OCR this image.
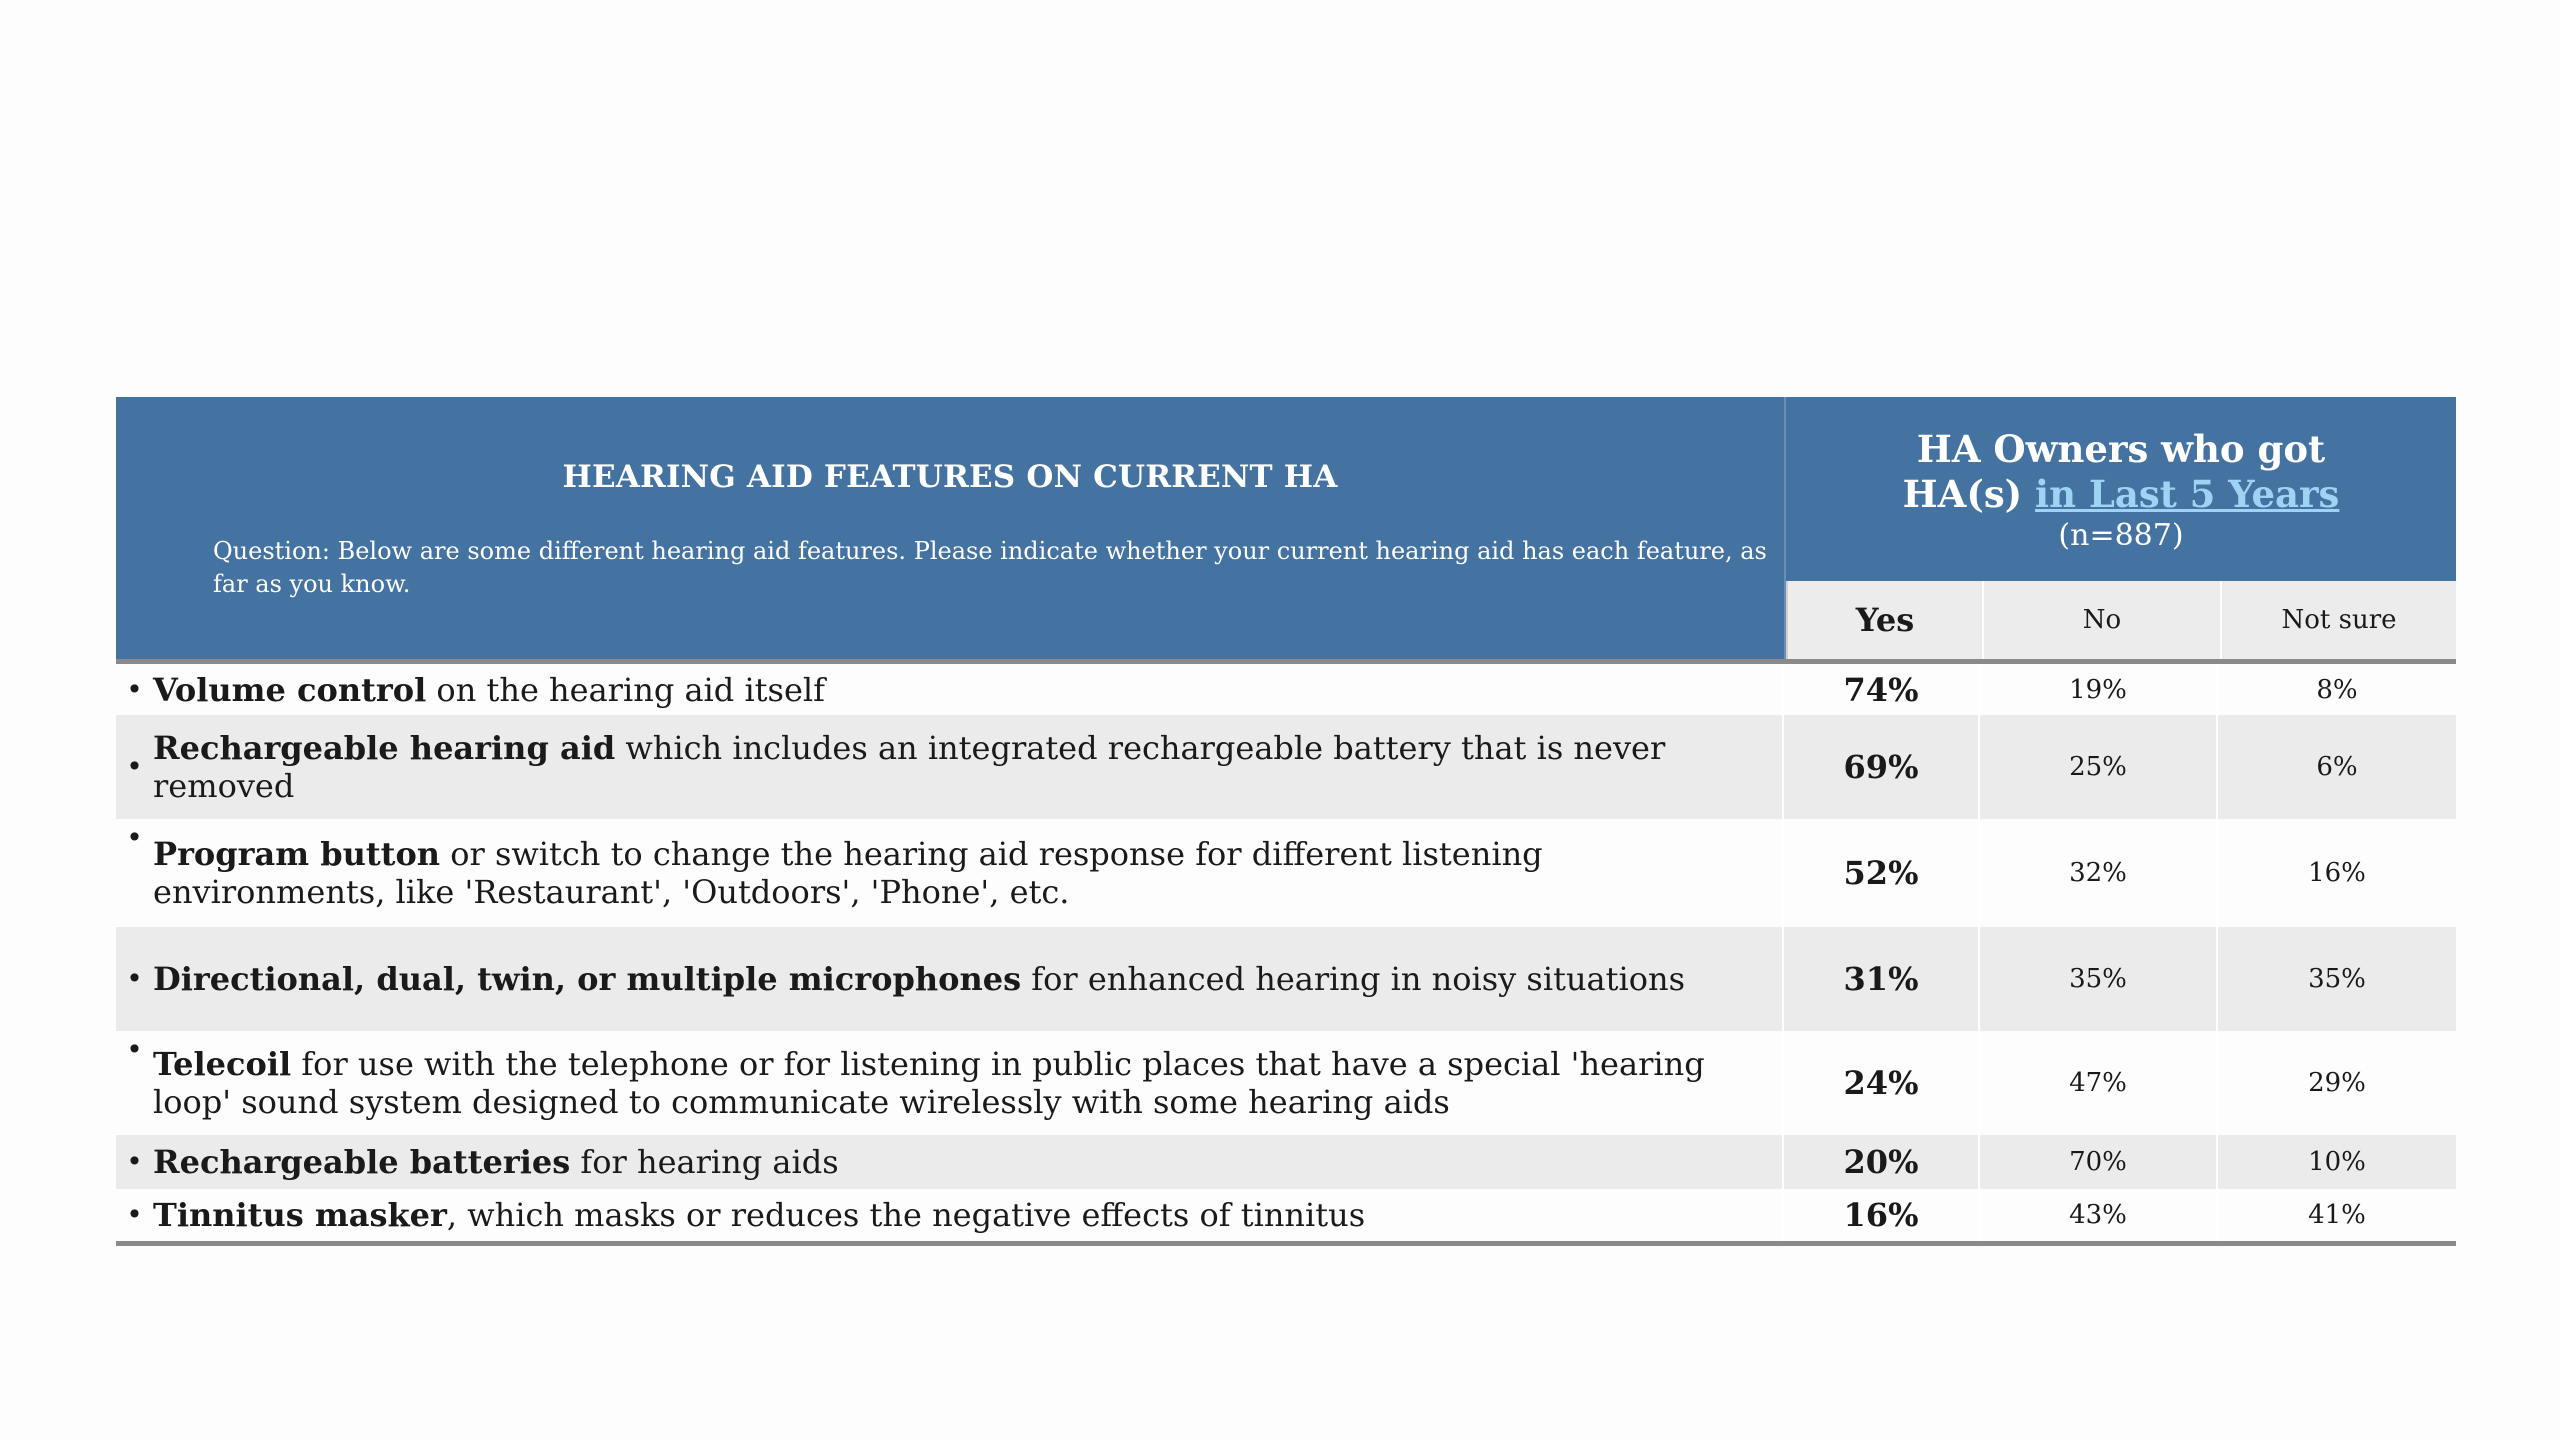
HEARING AID FEATURES ON CURRENT HA
Question: Below are some different hearing aid features. Please indicate whether your current hearing aid has each feature, as far as you know.
HA Owners who got
HA(s) in Last 5 Years
(n=887)
Yes	No	Not sure
• Volume control on the hearing aid itself	74%	19%	8%
• Rechargeable hearing aid which includes an integrated rechargeable battery that is never removed	69%	25%	6%
• Program button or switch to change the hearing aid response for different listening environments, like 'Restaurant', 'Outdoors', 'Phone', etc.	52%	32%	16%
• Directional, dual, twin, or multiple microphones for enhanced hearing in noisy situations	31%	35%	35%
• Telecoil for use with the telephone or for listening in public places that have a special 'hearing loop' sound system designed to communicate wirelessly with some hearing aids	24%	47%	29%
• Rechargeable batteries for hearing aids	20%	70%	10%
• Tinnitus masker, which masks or reduces the negative effects of tinnitus	16%	43%	41%
